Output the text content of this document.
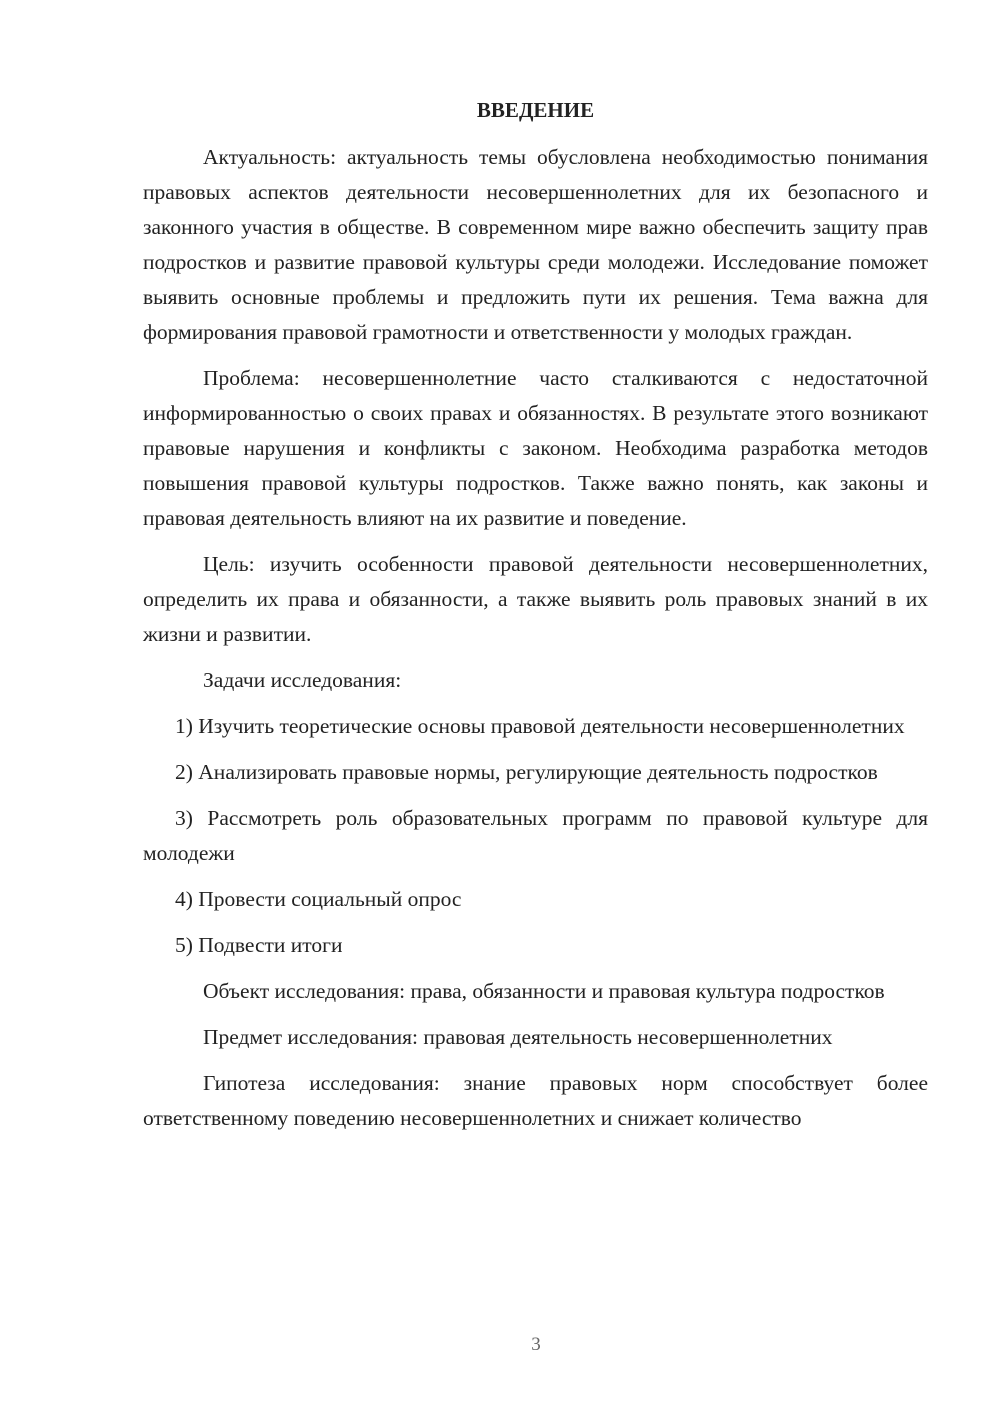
ВВЕДЕНИЕ
Актуальность: актуальность темы обусловлена необходимостью понимания правовых аспектов деятельности несовершеннолетних для их безопасного и законного участия в обществе. В современном мире важно обеспечить защиту прав подростков и развитие правовой культуры среди молодежи. Исследование поможет выявить основные проблемы и предложить пути их решения. Тема важна для формирования правовой грамотности и ответственности у молодых граждан.
Проблема: несовершеннолетние часто сталкиваются с недостаточной информированностью о своих правах и обязанностях. В результате этого возникают правовые нарушения и конфликты с законом. Необходима разработка методов повышения правовой культуры подростков. Также важно понять, как законы и правовая деятельность влияют на их развитие и поведение.
Цель: изучить особенности правовой деятельности несовершеннолетних, определить их права и обязанности, а также выявить роль правовых знаний в их жизни и развитии.
Задачи исследования:
1) Изучить теоретические основы правовой деятельности несовершеннолетних
2) Анализировать правовые нормы, регулирующие деятельность подростков
3) Рассмотреть роль образовательных программ по правовой культуре для молодежи
4) Провести социальный опрос
5) Подвести итоги
Объект исследования: права, обязанности и правовая культура подростков
Предмет исследования: правовая деятельность несовершеннолетних
Гипотеза исследования: знание правовых норм способствует более ответственному поведению несовершеннолетних и снижает количество
3
